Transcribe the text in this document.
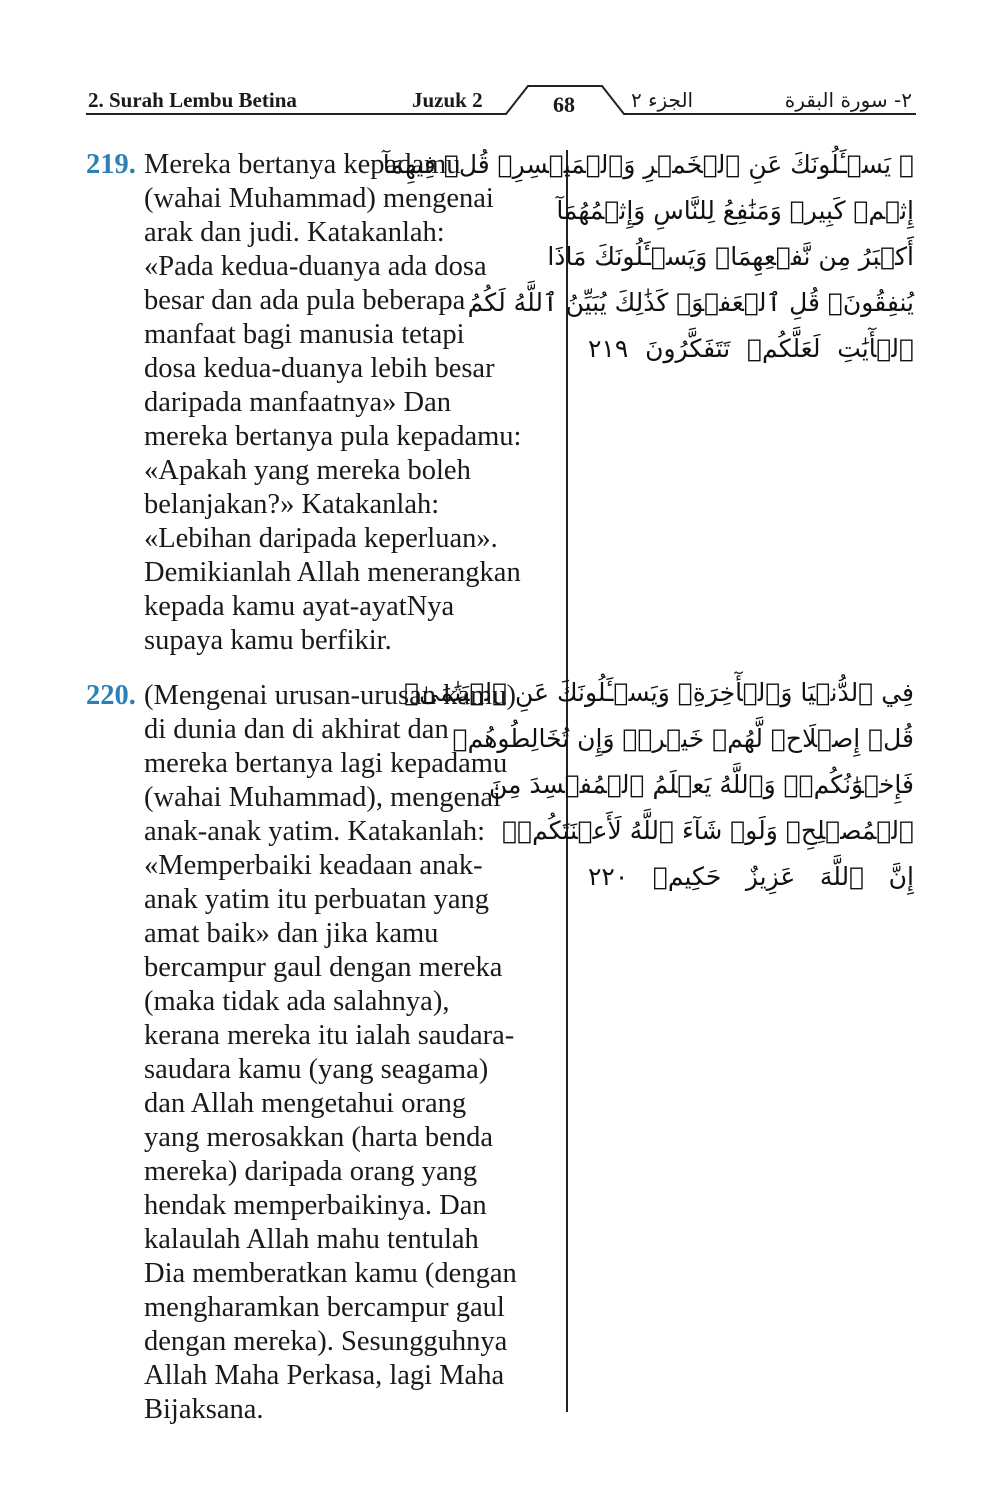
2. Surah Lembu Betina	Juzuk 2	68	الجزء ٢	٢- سورة البقرة
219. Mereka bertanya kepadamu
(wahai Muhammad) mengenai
arak dan judi. Katakanlah:
«Pada kedua-duanya ada dosa
besar dan ada pula beberapa
manfaat bagi manusia tetapi
dosa kedua-duanya lebih besar
daripada manfaatnya» Dan
mereka bertanya pula kepadamu:
«Apakah yang mereka boleh
belanjakan?» Katakanlah:
«Lebihan daripada keperluan».
Demikianlah Allah menerangkan
kepada kamu ayat-ayatNya
supaya kamu berfikir.
220. (Mengenai urusan-urusan kamu)
di dunia dan di akhirat dan
mereka bertanya lagi kepadamu
(wahai Muhammad), mengenai
anak-anak yatim. Katakanlah:
«Memperbaiki keadaan anak-
anak yatim itu perbuatan yang
amat baik» dan jika kamu
bercampur gaul dengan mereka
(maka tidak ada salahnya),
kerana mereka itu ialah saudara-
saudara kamu (yang seagama)
dan Allah mengetahui orang
yang merosakkan (harta benda
mereka) daripada orang yang
hendak memperbaikinya. Dan
kalaulah Allah mahu tentulah
Dia memberatkan kamu (dengan
mengharamkan bercampur gaul
dengan mereka). Sesungguhnya
Allah Maha Perkasa, lagi Maha
Bijaksana.
۞ يَسۡـَٔلُونَكَ عَنِ ٱلۡخَمۡرِ وَٱلۡمَيۡسِرِۖ قُلۡ فِيهِمَآ
إِثۡمٞ كَبِيرٞ وَمَنَٰفِعُ لِلنَّاسِ وَإِثۡمُهُمَآ
أَكۡبَرُ مِن نَّفۡعِهِمَاۗ وَيَسۡـَٔلُونَكَ مَاذَا
يُنفِقُونَۖ قُلِ ٱلۡعَفۡوَۗ كَذَٰلِكَ يُبَيِّنُ ٱللَّهُ لَكُمُ
ٱلۡأٓيَٰتِ لَعَلَّكُمۡ تَتَفَكَّرُونَ ٢١٩
فِي ٱلدُّنۡيَا وَٱلۡأٓخِرَةِۗ وَيَسۡـَٔلُونَكَ عَنِ ٱلۡيَتَٰمَىٰۖ
قُلۡ إِصۡلَاحٞ لَّهُمۡ خَيۡرٞۖ وَإِن تُخَالِطُوهُمۡ
فَإِخۡوَٰنُكُمۡۚ وَٱللَّهُ يَعۡلَمُ ٱلۡمُفۡسِدَ مِنَ
ٱلۡمُصۡلِحِۚ وَلَوۡ شَآءَ ٱللَّهُ لَأَعۡنَتَكُمۡۚ
إِنَّ ٱللَّهَ عَزِيزٌ حَكِيمٞ ٢٢٠
